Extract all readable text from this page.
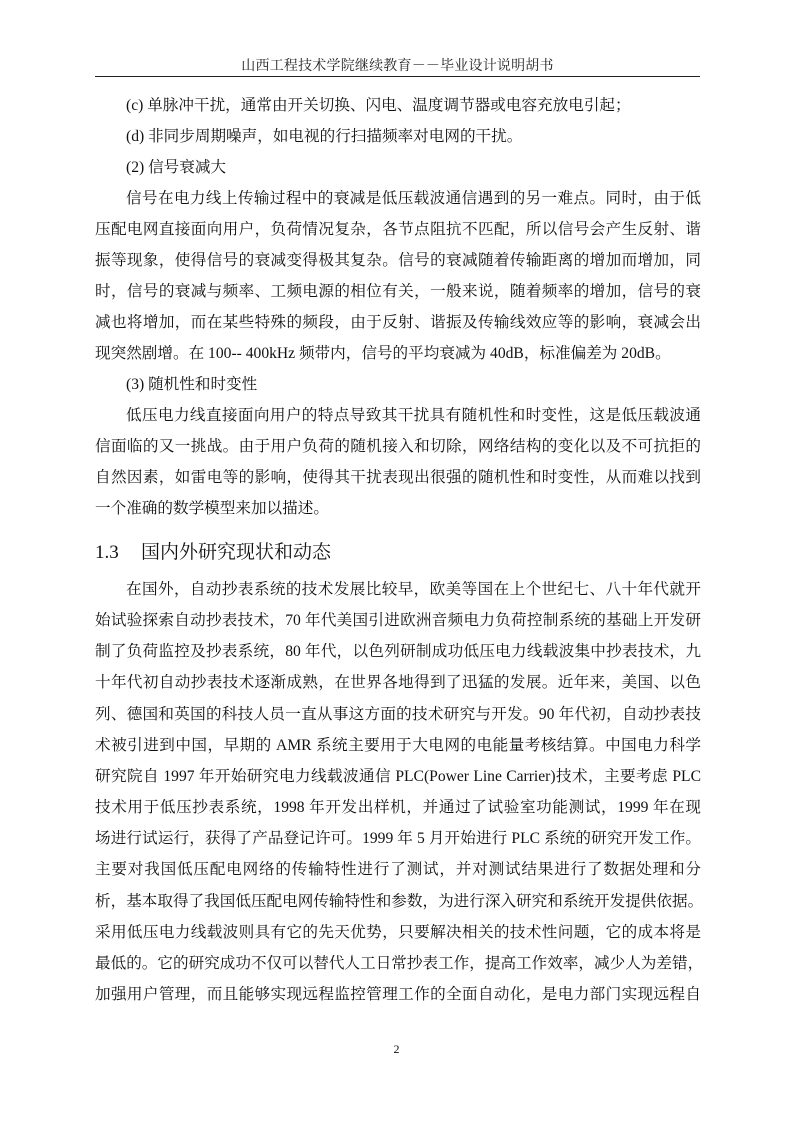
山西工程技术学院继续教育－－毕业设计说明胡书
(c) 单脉冲干扰，通常由开关切换、闪电、温度调节器或电容充放电引起；
(d) 非同步周期噪声，如电视的行扫描频率对电网的干扰。
(2) 信号衰减大
信号在电力线上传输过程中的衰减是低压载波通信遇到的另一难点。同时，由于低
压配电网直接面向用户，负荷情况复杂，各节点阻抗不匹配，所以信号会产生反射、谐
振等现象，使得信号的衰减变得极其复杂。信号的衰减随着传输距离的增加而增加，同
时，信号的衰减与频率、工频电源的相位有关，一般来说，随着频率的增加，信号的衰
减也将增加，而在某些特殊的频段，由于反射、谐振及传输线效应等的影响，衰减会出
现突然剧增。在 100-- 400kHz 频带内，信号的平均衰减为 40dB，标准偏差为 20dB。
(3) 随机性和时变性
低压电力线直接面向用户的特点导致其干扰具有随机性和时变性，这是低压载波通
信面临的又一挑战。由于用户负荷的随机接入和切除，网络结构的变化以及不可抗拒的
自然因素，如雷电等的影响，使得其干扰表现出很强的随机性和时变性，从而难以找到
一个准确的数学模型来加以描述。
1.3 国内外研究现状和动态
在国外，自动抄表系统的技术发展比较早，欧美等国在上个世纪七、八十年代就开
始试验探索自动抄表技术，70 年代美国引进欧洲音频电力负荷控制系统的基础上开发研
制了负荷监控及抄表系统，80 年代，以色列研制成功低压电力线载波集中抄表技术，九
十年代初自动抄表技术逐渐成熟，在世界各地得到了迅猛的发展。近年来，美国、以色
列、德国和英国的科技人员一直从事这方面的技术研究与开发。90 年代初，自动抄表技
术被引进到中国，早期的 AMR 系统主要用于大电网的电能量考核结算。中国电力科学
研究院自 1997 年开始研究电力线载波通信 PLC(Power Line Carrier)技术，主要考虑 PLC
技术用于低压抄表系统，1998 年开发出样机，并通过了试验室功能测试，1999 年在现
场进行试运行，获得了产品登记许可。1999 年 5 月开始进行 PLC 系统的研究开发工作。
主要对我国低压配电网络的传输特性进行了测试，并对测试结果进行了数据处理和分
析，基本取得了我国低压配电网传输特性和参数，为进行深入研究和系统开发提供依据。
采用低压电力线载波则具有它的先天优势，只要解决相关的技术性问题，它的成本将是
最低的。它的研究成功不仅可以替代人工日常抄表工作，提高工作效率，减少人为差错，
加强用户管理，而且能够实现远程监控管理工作的全面自动化，是电力部门实现远程自
2
